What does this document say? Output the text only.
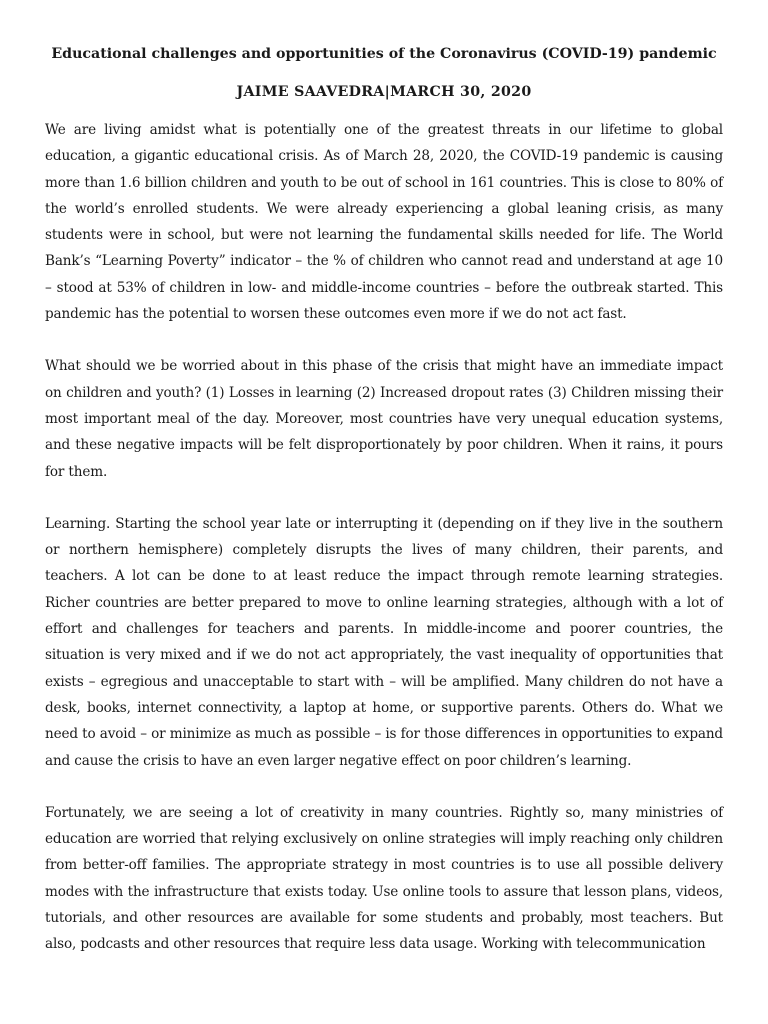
Educational challenges and opportunities of the Coronavirus (COVID-19) pandemic
JAIME SAAVEDRA|MARCH 30, 2020

We are living amidst what is potentially one of the greatest threats in our lifetime to global education, a gigantic educational crisis. As of March 28, 2020, the COVID-19 pandemic is causing more than 1.6 billion children and youth to be out of school in 161 countries. This is close to 80% of the world’s enrolled students. We were already experiencing a global leaning crisis, as many students were in school, but were not learning the fundamental skills needed for life. The World Bank’s “Learning Poverty” indicator – the % of children who cannot read and understand at age 10 – stood at 53% of children in low- and middle-income countries – before the outbreak started. This pandemic has the potential to worsen these outcomes even more if we do not act fast.

What should we be worried about in this phase of the crisis that might have an immediate impact on children and youth? (1) Losses in learning (2) Increased dropout rates (3) Children missing their most important meal of the day. Moreover, most countries have very unequal education systems, and these negative impacts will be felt disproportionately by poor children. When it rains, it pours for them.

Learning. Starting the school year late or interrupting it (depending on if they live in the southern or northern hemisphere) completely disrupts the lives of many children, their parents, and teachers. A lot can be done to at least reduce the impact through remote learning strategies. Richer countries are better prepared to move to online learning strategies, although with a lot of effort and challenges for teachers and parents. In middle-income and poorer countries, the situation is very mixed and if we do not act appropriately, the vast inequality of opportunities that exists – egregious and unacceptable to start with – will be amplified. Many children do not have a desk, books, internet connectivity, a laptop at home, or supportive parents. Others do. What we need to avoid – or minimize as much as possible – is for those differences in opportunities to expand and cause the crisis to have an even larger negative effect on poor children’s learning.

Fortunately, we are seeing a lot of creativity in many countries. Rightly so, many ministries of education are worried that relying exclusively on online strategies will imply reaching only children from better-off families. The appropriate strategy in most countries is to use all possible delivery modes with the infrastructure that exists today. Use online tools to assure that lesson plans, videos, tutorials, and other resources are available for some students and probably, most teachers. But also, podcasts and other resources that require less data usage. Working with telecommunication
